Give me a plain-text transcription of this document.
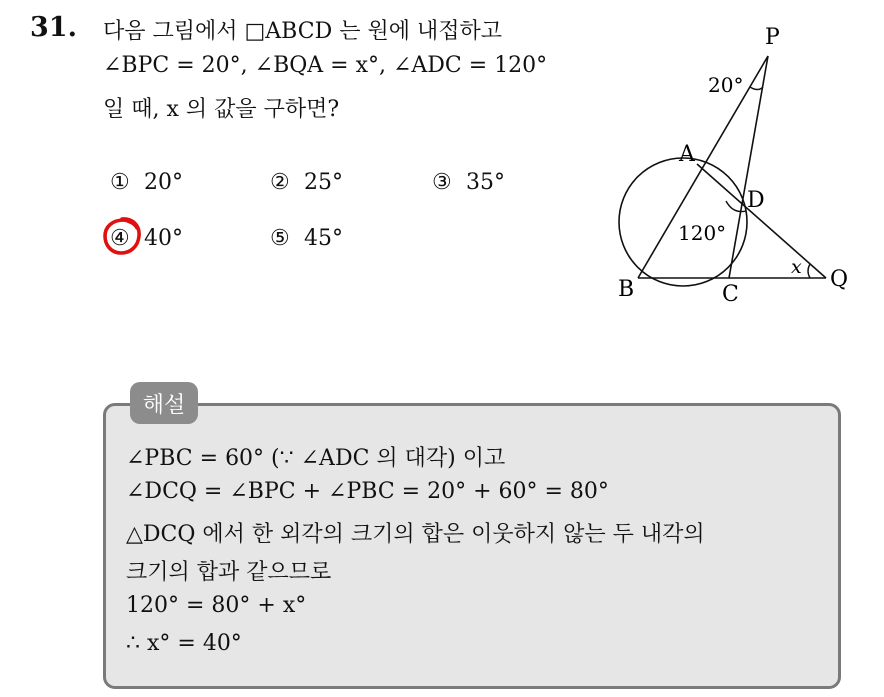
31. 다음 그림에서 □ABCD 는 원에 내접하고
∠BPC = 20°, ∠BQA = x°, ∠ADC = 120°
일 때, x 의 값을 구하면?
① 20°	② 25°	③ 35°
④ 40°	⑤ 45°
P
A
D
B	C
Q
20°
120°
x
해설
∠PBC = 60° (∵ ∠ADC 의 대각) 이고
∠DCQ = ∠BPC + ∠PBC = 20° + 60° = 80°
△DCQ 에서 한 외각의 크기의 합은 이웃하지 않는 두 내각의
크기의 합과 같으므로
120° = 80° + x°
∴ x° = 40°
